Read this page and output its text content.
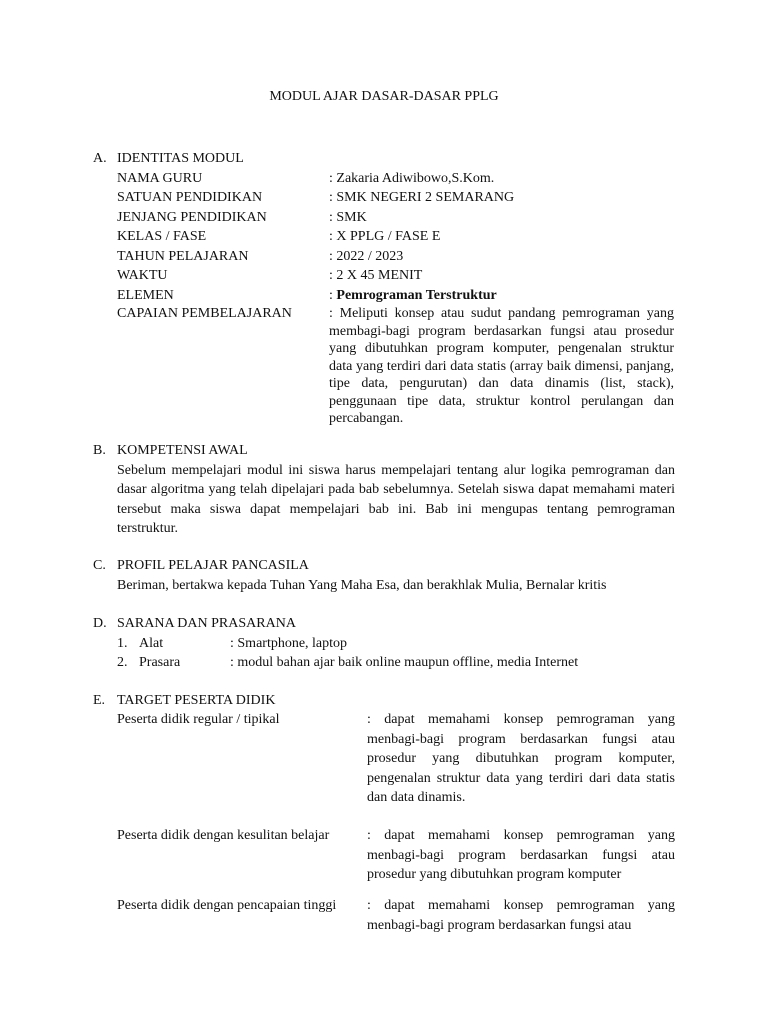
MODUL AJAR DASAR-DASAR PPLG
A. IDENTITAS MODUL
NAMA GURU	: Zakaria Adiwibowo,S.Kom.
SATUAN PENDIDIKAN	: SMK NEGERI 2 SEMARANG
JENJANG PENDIDIKAN	: SMK
KELAS / FASE	: X PPLG / FASE E
TAHUN PELAJARAN	: 2022 / 2023
WAKTU	: 2 X 45 MENIT
ELEMEN	: Pemrograman Terstruktur
CAPAIAN PEMBELAJARAN	: Meliputi konsep atau sudut pandang pemrograman yang membagi-bagi program berdasarkan fungsi atau prosedur yang dibutuhkan program komputer, pengenalan struktur data yang terdiri dari data statis (array baik dimensi, panjang, tipe data, pengurutan) dan data dinamis (list, stack), penggunaan tipe data, struktur kontrol perulangan dan percabangan.
B. KOMPETENSI AWAL
Sebelum mempelajari modul ini siswa harus mempelajari tentang alur logika pemrograman dan dasar algoritma yang telah dipelajari pada bab sebelumnya. Setelah siswa dapat memahami materi tersebut maka siswa dapat mempelajari bab ini. Bab ini mengupas tentang pemrograman terstruktur.
C. PROFIL PELAJAR PANCASILA
Beriman, bertakwa kepada Tuhan Yang Maha Esa, dan berakhlak Mulia, Bernalar kritis
D. SARANA DAN PRASARANA
1. Alat	: Smartphone, laptop
2. Prasara	: modul bahan ajar baik online maupun offline, media Internet
E. TARGET PESERTA DIDIK
Peserta didik regular / tipikal	: dapat memahami konsep pemrograman yang menbagi-bagi program berdasarkan fungsi atau prosedur yang dibutuhkan program komputer, pengenalan struktur data yang terdiri dari data statis dan data dinamis.
Peserta didik dengan kesulitan belajar	: dapat memahami konsep pemrograman yang menbagi-bagi program berdasarkan fungsi atau prosedur yang dibutuhkan program komputer
Peserta didik dengan pencapaian tinggi : dapat memahami konsep pemrograman yang menbagi-bagi program berdasarkan fungsi atau
